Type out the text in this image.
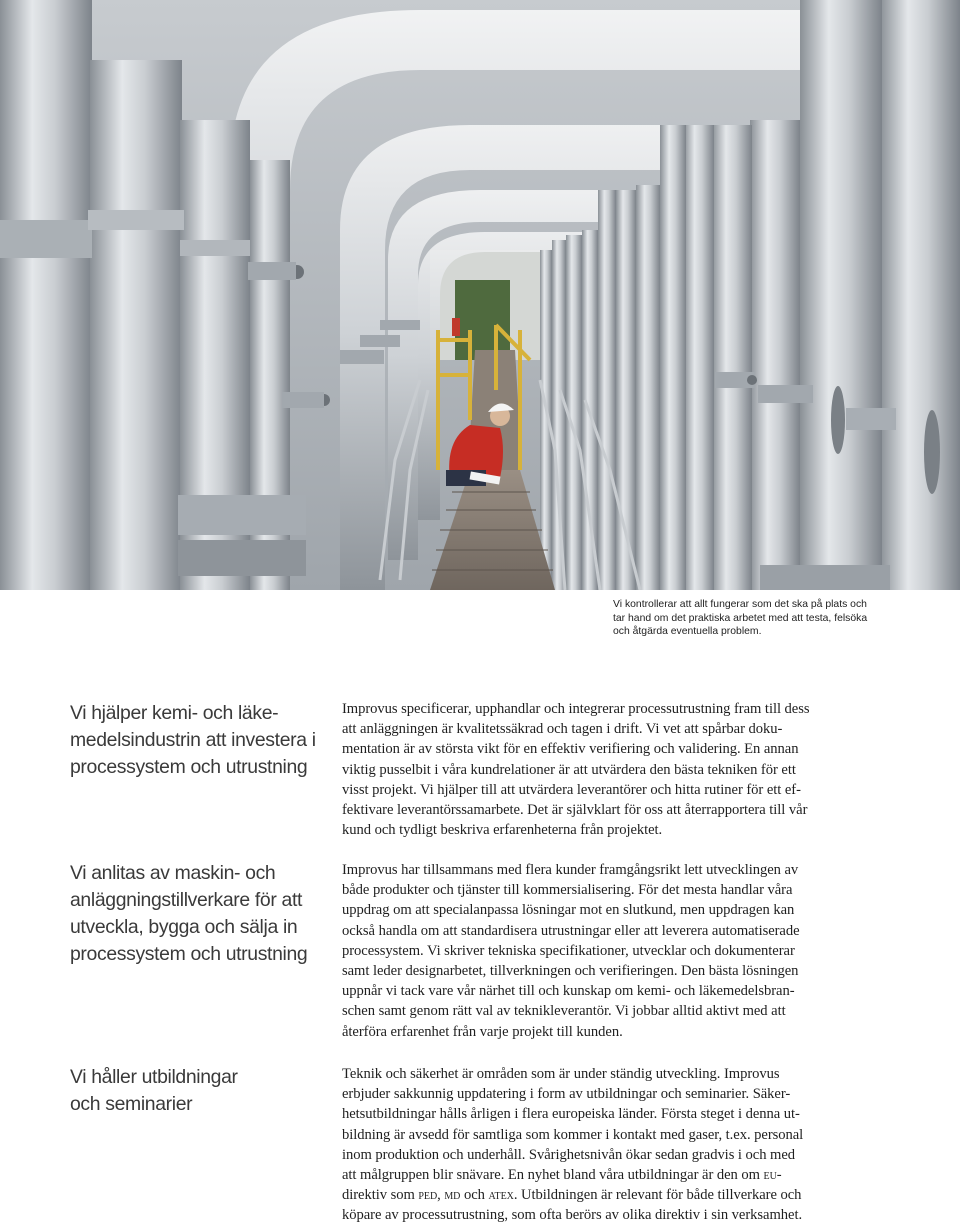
Vi kontrollerar att allt fungerar som det ska på plats och
tar hand om det praktiska arbetet med att testa, felsöka
och åtgärda eventuella problem.

Vi hjälper kemi- och läke-
medelsindustrin att investera i
processystem och utrustning

Improvus specificerar, upphandlar och integrerar processutrustning fram till dess
att anläggningen är kvalitetssäkrad och tagen i drift. Vi vet att spårbar doku-
mentation är av största vikt för en effektiv verifiering och validering. En annan
viktig pusselbit i våra kundrelationer är att utvärdera den bästa tekniken för ett
visst projekt. Vi hjälper till att utvärdera leverantörer och hitta rutiner för ett ef-
fektivare leverantörssamarbete. Det är självklart för oss att återrapportera till vår
kund och tydligt beskriva erfarenheterna från projektet.

Vi anlitas av maskin- och
anläggningstillverkare för att
utveckla, bygga och sälja in
processystem och utrustning

Improvus har tillsammans med flera kunder framgångsrikt lett utvecklingen av
både produkter och tjänster till kommersialisering. För det mesta handlar våra
uppdrag om att specialanpassa lösningar mot en slutkund, men uppdragen kan
också handla om att standardisera utrustningar eller att leverera automatiserade
processystem. Vi skriver tekniska specifikationer, utvecklar och dokumenterar
samt leder designarbetet, tillverkningen och verifieringen. Den bästa lösningen
uppnår vi tack vare vår närhet till och kunskap om kemi- och läkemedelsbran-
schen samt genom rätt val av teknikleverantör. Vi jobbar alltid aktivt med att
återföra erfarenhet från varje projekt till kunden.

Vi håller utbildningar
och seminarier

Teknik och säkerhet är områden som är under ständig utveckling. Improvus
erbjuder sakkunnig uppdatering i form av utbildningar och seminarier. Säker-
hetsutbildningar hålls årligen i flera europeiska länder. Första steget i denna ut-
bildning är avsedd för samtliga som kommer i kontakt med gaser, t.ex. personal
inom produktion och underhåll. Svårighetsnivån ökar sedan gradvis i och med
att målgruppen blir snävare. En nyhet bland våra utbildningar är den om eu-
direktiv som ped, md och atex. Utbildningen är relevant för både tillverkare och
köpare av processutrustning, som ofta berörs av olika direktiv i sin verksamhet.
